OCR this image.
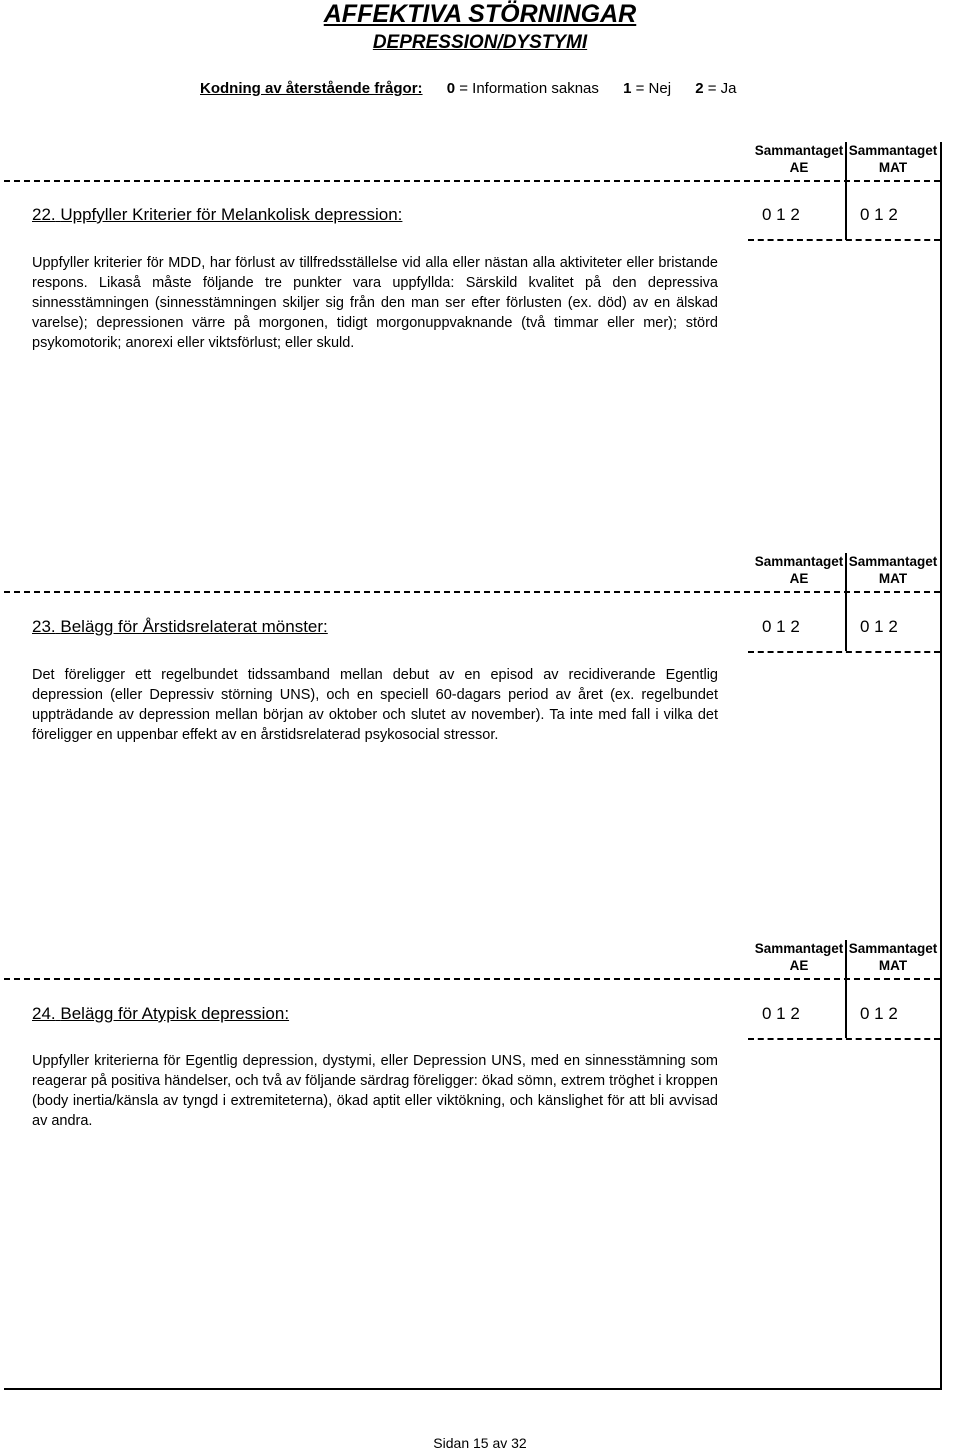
AFFEKTIVA STÖRNINGAR
DEPRESSION/DYSTYMI
Kodning av återstående frågor: 0 = Information saknas 1 = Nej 2 = Ja
Sammantaget
AE
Sammantaget
MAT
22. Uppfyller Kriterier för Melankolisk depression:	0 1 2	0 1 2
Uppfyller kriterier för MDD, har förlust av tillfredsställelse vid alla eller nästan alla aktiviteter eller bristande respons. Likaså måste följande tre punkter vara uppfyllda: Särskild kvalitet på den depressiva sinnesstämningen (sinnesstämningen skiljer sig från den man ser efter förlusten (ex. död) av en älskad varelse); depressionen värre på morgonen, tidigt morgonuppvaknande (två timmar eller mer); störd psykomotorik; anorexi eller viktsförlust; eller skuld.
Sammantaget
AE
Sammantaget
MAT
23. Belägg för Årstidsrelaterat mönster:	0 1 2	0 1 2
Det föreligger ett regelbundet tidssamband mellan debut av en episod av recidiverande Egentlig depression (eller Depressiv störning UNS), och en speciell 60-dagars period av året (ex. regelbundet uppträdande av depression mellan början av oktober och slutet av november). Ta inte med fall i vilka det föreligger en uppenbar effekt av en årstidsrelaterad psykosocial stressor.
Sammantaget
AE
Sammantaget
MAT
24. Belägg för Atypisk depression:	0 1 2	0 1 2
Uppfyller kriterierna för Egentlig depression, dystymi, eller Depression UNS, med en sinnesstämning som reagerar på positiva händelser, och två av följande särdrag föreligger: ökad sömn, extrem tröghet i kroppen (body inertia/känsla av tyngd i extremiteterna), ökad aptit eller viktökning, och känslighet för att bli avvisad av andra.
Sidan 15 av 32
